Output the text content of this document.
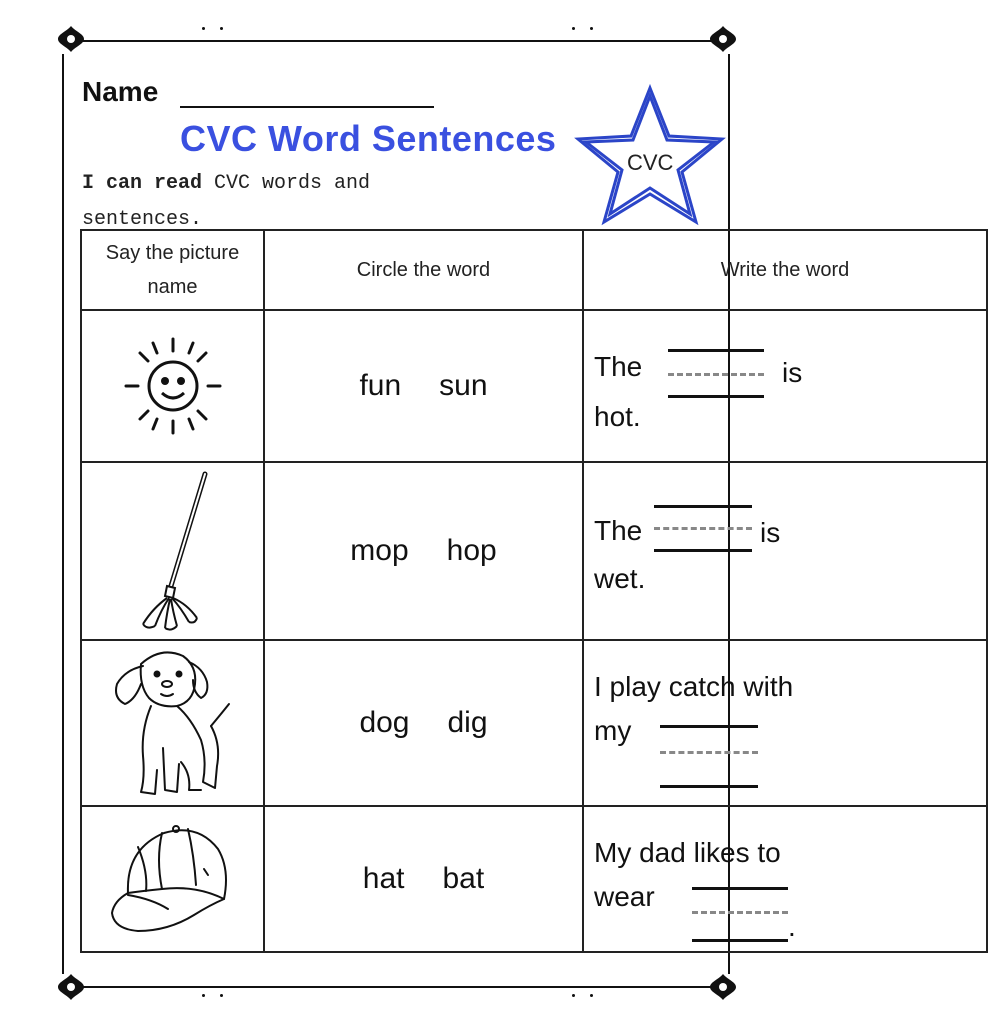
Name
CVC Word Sentences
CVC
I can read CVC words and sentences.
Say the picture name	Circle the word	Write the word

fun sun	The is
hot.

mop hop	The is
wet.

dog dig	I play catch with
my

hat bat	My dad likes to
wear
.
